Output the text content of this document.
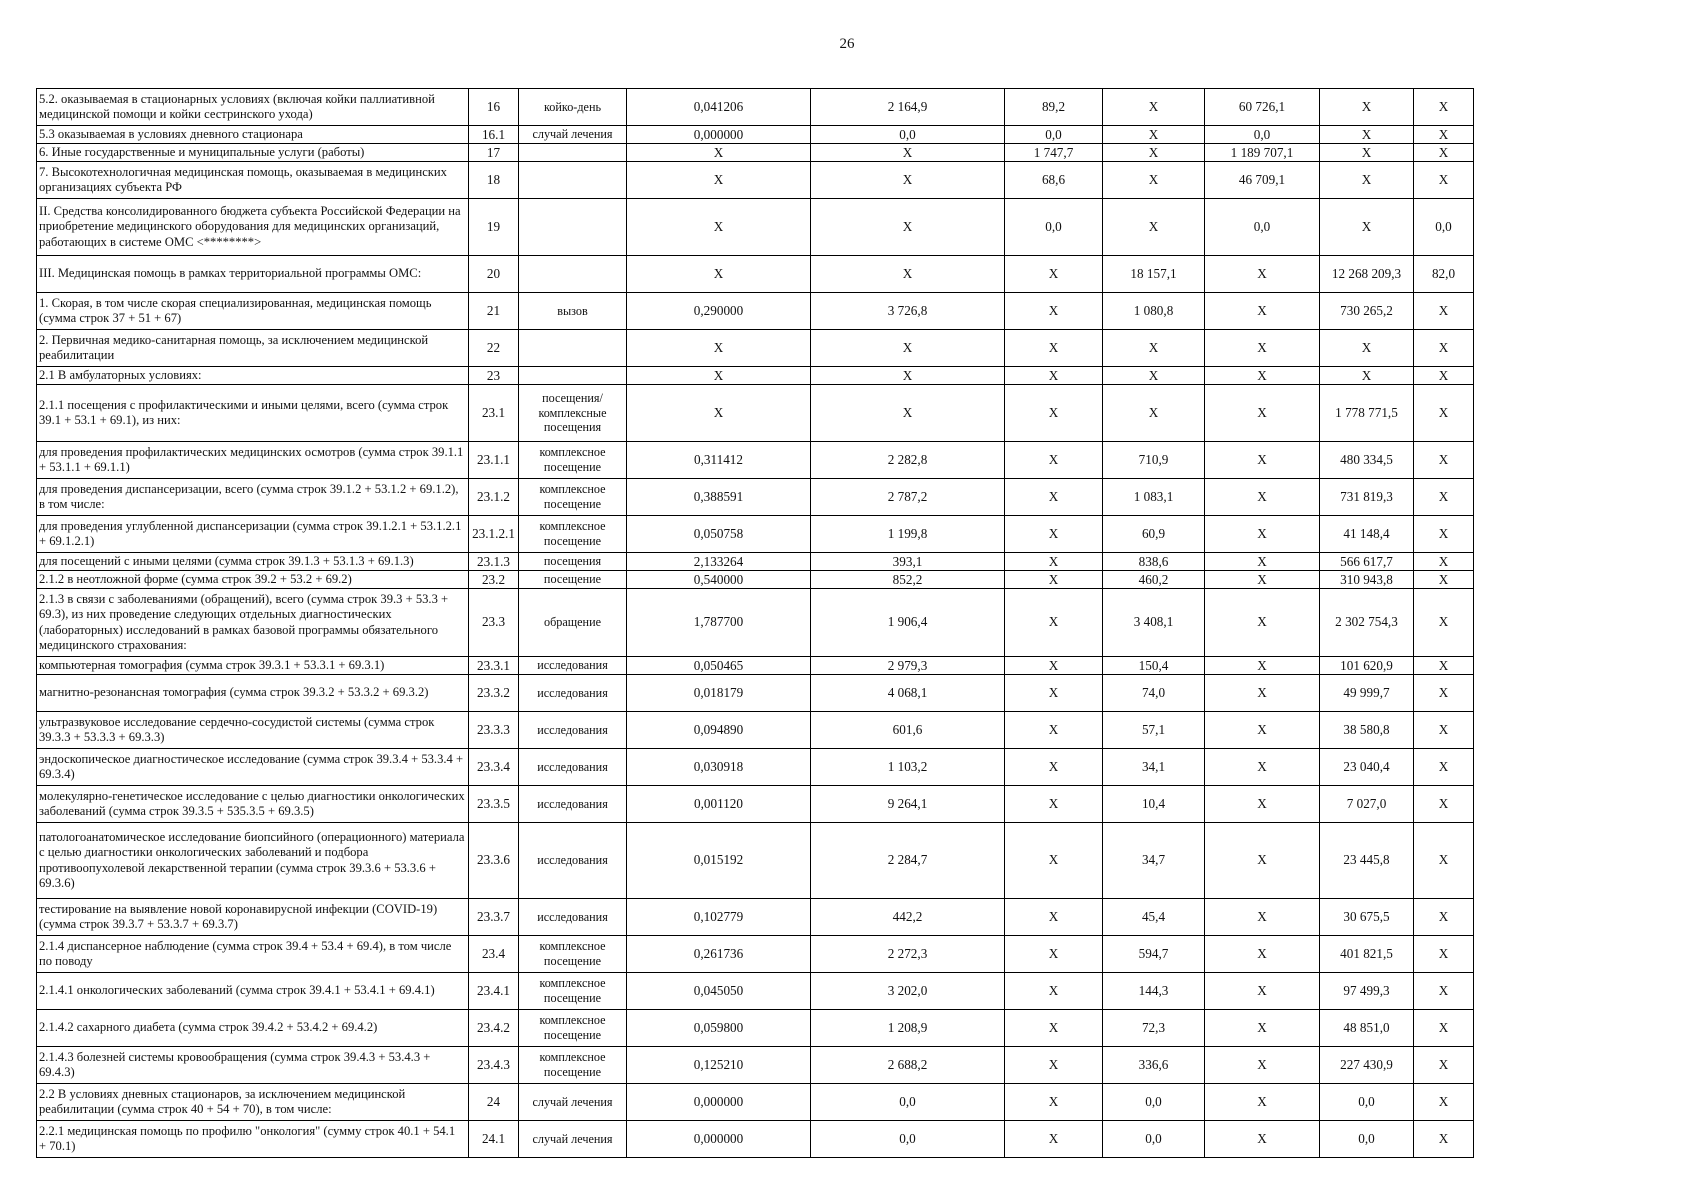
26
5.2. оказываемая в стационарных условиях (включая койки паллиативной медицинской помощи и койки сестринского ухода)	16	койко-день	0,041206	2 164,9	89,2	X	60 726,1	X	X
5.3 оказываемая в условиях дневного стационара	16.1	случай лечения	0,000000	0,0	0,0	X	0,0	X	X
6. Иные государственные и муниципальные услуги (работы)	17		X	X	1 747,7	X	1 189 707,1	X	X
7. Высокотехнологичная медицинская помощь, оказываемая в медицинских организациях субъекта РФ	18		X	X	68,6	X	46 709,1	X	X
II. Средства консолидированного бюджета субъекта Российской Федерации на приобретение медицинского оборудования для медицинских организаций, работающих в системе ОМС <********>	19		X	X	0,0	X	0,0	X	0,0
III. Медицинская помощь в рамках территориальной программы ОМС:	20		X	X	X	18 157,1	X	12 268 209,3	82,0
1. Скорая, в том числе скорая специализированная, медицинская помощь (сумма строк 37 + 51 + 67)	21	вызов	0,290000	3 726,8	X	1 080,8	X	730 265,2	X
2. Первичная медико-санитарная помощь, за исключением медицинской реабилитации	22		X	X	X	X	X	X	X
2.1 В амбулаторных условиях:	23		X	X	X	X	X	X	X
2.1.1 посещения с профилактическими и иными целями, всего (сумма строк 39.1 + 53.1 + 69.1), из них:	23.1	посещения/комплексные посещения	X	X	X	X	X	1 778 771,5	X
для проведения профилактических медицинских осмотров (сумма строк 39.1.1 + 53.1.1 + 69.1.1)	23.1.1	комплексное посещение	0,311412	2 282,8	X	710,9	X	480 334,5	X
для проведения диспансеризации, всего (сумма строк 39.1.2 + 53.1.2 + 69.1.2), в том числе:	23.1.2	комплексное посещение	0,388591	2 787,2	X	1 083,1	X	731 819,3	X
для проведения углубленной диспансеризации (сумма строк 39.1.2.1 + 53.1.2.1 + 69.1.2.1)	23.1.2.1	комплексное посещение	0,050758	1 199,8	X	60,9	X	41 148,4	X
для посещений с иными целями (сумма строк 39.1.3 + 53.1.3 + 69.1.3)	23.1.3	посещения	2,133264	393,1	X	838,6	X	566 617,7	X
2.1.2 в неотложной форме (сумма строк 39.2 + 53.2 + 69.2)	23.2	посещение	0,540000	852,2	X	460,2	X	310 943,8	X
2.1.3 в связи с заболеваниями (обращений), всего (сумма строк 39.3 + 53.3 + 69.3), из них проведение следующих отдельных диагностических (лабораторных) исследований в рамках базовой программы обязательного медицинского страхования:	23.3	обращение	1,787700	1 906,4	X	3 408,1	X	2 302 754,3	X
компьютерная томография (сумма строк 39.3.1 + 53.3.1 + 69.3.1)	23.3.1	исследования	0,050465	2 979,3	X	150,4	X	101 620,9	X
магнитно-резонансная томография (сумма строк 39.3.2 + 53.3.2 + 69.3.2)	23.3.2	исследования	0,018179	4 068,1	X	74,0	X	49 999,7	X
ультразвуковое исследование сердечно-сосудистой системы (сумма строк 39.3.3 + 53.3.3 + 69.3.3)	23.3.3	исследования	0,094890	601,6	X	57,1	X	38 580,8	X
эндоскопическое диагностическое исследование (сумма строк 39.3.4 + 53.3.4 + 69.3.4)	23.3.4	исследования	0,030918	1 103,2	X	34,1	X	23 040,4	X
молекулярно-генетическое исследование с целью диагностики онкологических заболеваний (сумма строк 39.3.5 + 535.3.5 + 69.3.5)	23.3.5	исследования	0,001120	9 264,1	X	10,4	X	7 027,0	X
патологоанатомическое исследование биопсийного (операционного) материала с целью диагностики онкологических заболеваний и подбора противоопухолевой лекарственной терапии (сумма строк 39.3.6 + 53.3.6 + 69.3.6)	23.3.6	исследования	0,015192	2 284,7	X	34,7	X	23 445,8	X
тестирование на выявление новой коронавирусной инфекции (COVID-19) (сумма строк 39.3.7 + 53.3.7 + 69.3.7)	23.3.7	исследования	0,102779	442,2	X	45,4	X	30 675,5	X
2.1.4 диспансерное наблюдение (сумма строк 39.4 + 53.4 + 69.4), в том числе по поводу	23.4	комплексное посещение	0,261736	2 272,3	X	594,7	X	401 821,5	X
2.1.4.1 онкологических заболеваний (сумма строк 39.4.1 + 53.4.1 + 69.4.1)	23.4.1	комплексное посещение	0,045050	3 202,0	X	144,3	X	97 499,3	X
2.1.4.2 сахарного диабета (сумма строк 39.4.2 + 53.4.2 + 69.4.2)	23.4.2	комплексное посещение	0,059800	1 208,9	X	72,3	X	48 851,0	X
2.1.4.3 болезней системы кровообращения (сумма строк 39.4.3 + 53.4.3 + 69.4.3)	23.4.3	комплексное посещение	0,125210	2 688,2	X	336,6	X	227 430,9	X
2.2 В условиях дневных стационаров, за исключением медицинской реабилитации (сумма строк 40 + 54 + 70), в том числе:	24	случай лечения	0,000000	0,0	X	0,0	X	0,0	X
2.2.1 медицинская помощь по профилю "онкология" (сумму строк 40.1 + 54.1 + 70.1)	24.1	случай лечения	0,000000	0,0	X	0,0	X	0,0	X
